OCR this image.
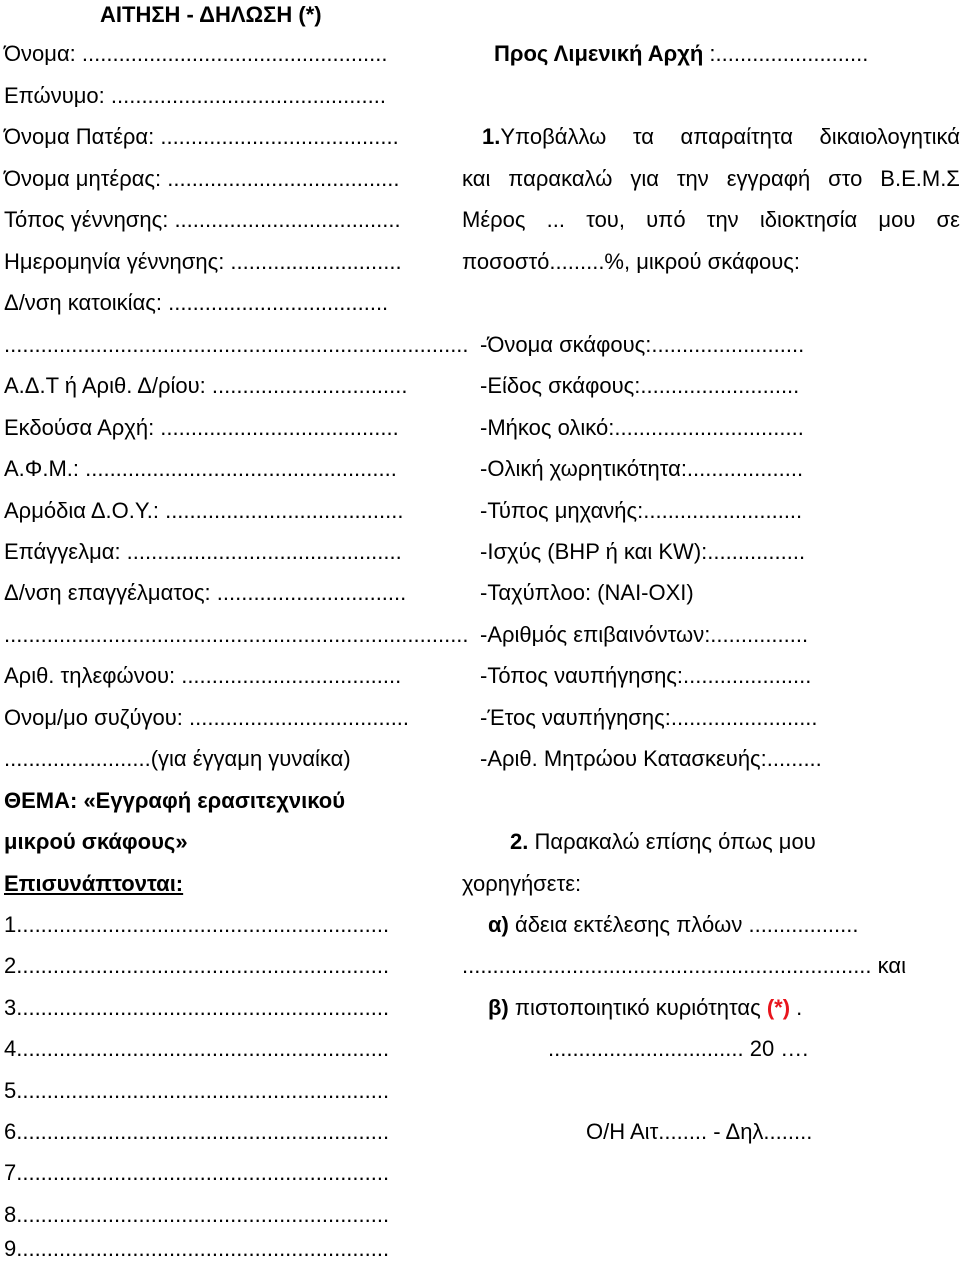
ΑΙΤΗΣΗ - ΔΗΛΩΣΗ (*)
Όνομα: ..................................................
Επώνυμο: .............................................
Όνομα Πατέρα: .......................................
Όνομα μητέρας: ......................................
Τόπος γέννησης: .....................................
Ημερομηνία γέννησης: ............................
Δ/νση κατοικίας: ....................................
............................................................................
Α.Δ.Τ ή Αριθ. Δ/ρίου: ................................
Εκδούσα Αρχή: .......................................
Α.Φ.Μ.: ...................................................
Αρμόδια Δ.Ο.Υ.: .......................................
Επάγγελμα: .............................................
Δ/νση επαγγέλματος: ...............................
............................................................................
Αριθ. τηλεφώνου: ....................................
Ονομ/μο συζύγου: ....................................
........................(για έγγαμη γυναίκα)
ΘΕΜΑ: «Εγγραφή ερασιτεχνικού
μικρού σκάφους»
Επισυνάπτονται:
1.............................................................
2.............................................................
3.............................................................
4.............................................................
5.............................................................
6.............................................................
7.............................................................
8.............................................................
9.............................................................
Προς Λιμενική Αρχή :.........................
1.Υποβάλλω τα απαραίτητα δικαιολογητικά
και παρακαλώ για την εγγραφή στο Β.Ε.Μ.Σ
Μέρος ... του, υπό την ιδιοκτησία μου σε
ποσοστό.........%, μικρού σκάφους:
-Όνομα σκάφους:.........................
-Είδος σκάφους:..........................
-Μήκος ολικό:...............................
-Ολική χωρητικότητα:...................
-Τύπος μηχανής:..........................
-Ισχύς (BHP ή και KW):................
-Ταχύπλοο: (ΝΑΙ-ΟΧΙ)
-Αριθμός επιβαινόντων:................
-Τόπος ναυπήγησης:.....................
-Έτος ναυπήγησης:........................
-Αριθ. Μητρώου Κατασκευής:.........
2. Παρακαλώ επίσης όπως μου
χορηγήσετε:
α) άδεια εκτέλεσης πλόων ..................
................................................................... και
β) πιστοποιητικό κυριότητας (*) .
................................ 20 ….
Ο/Η Αιτ........ - Δηλ........
